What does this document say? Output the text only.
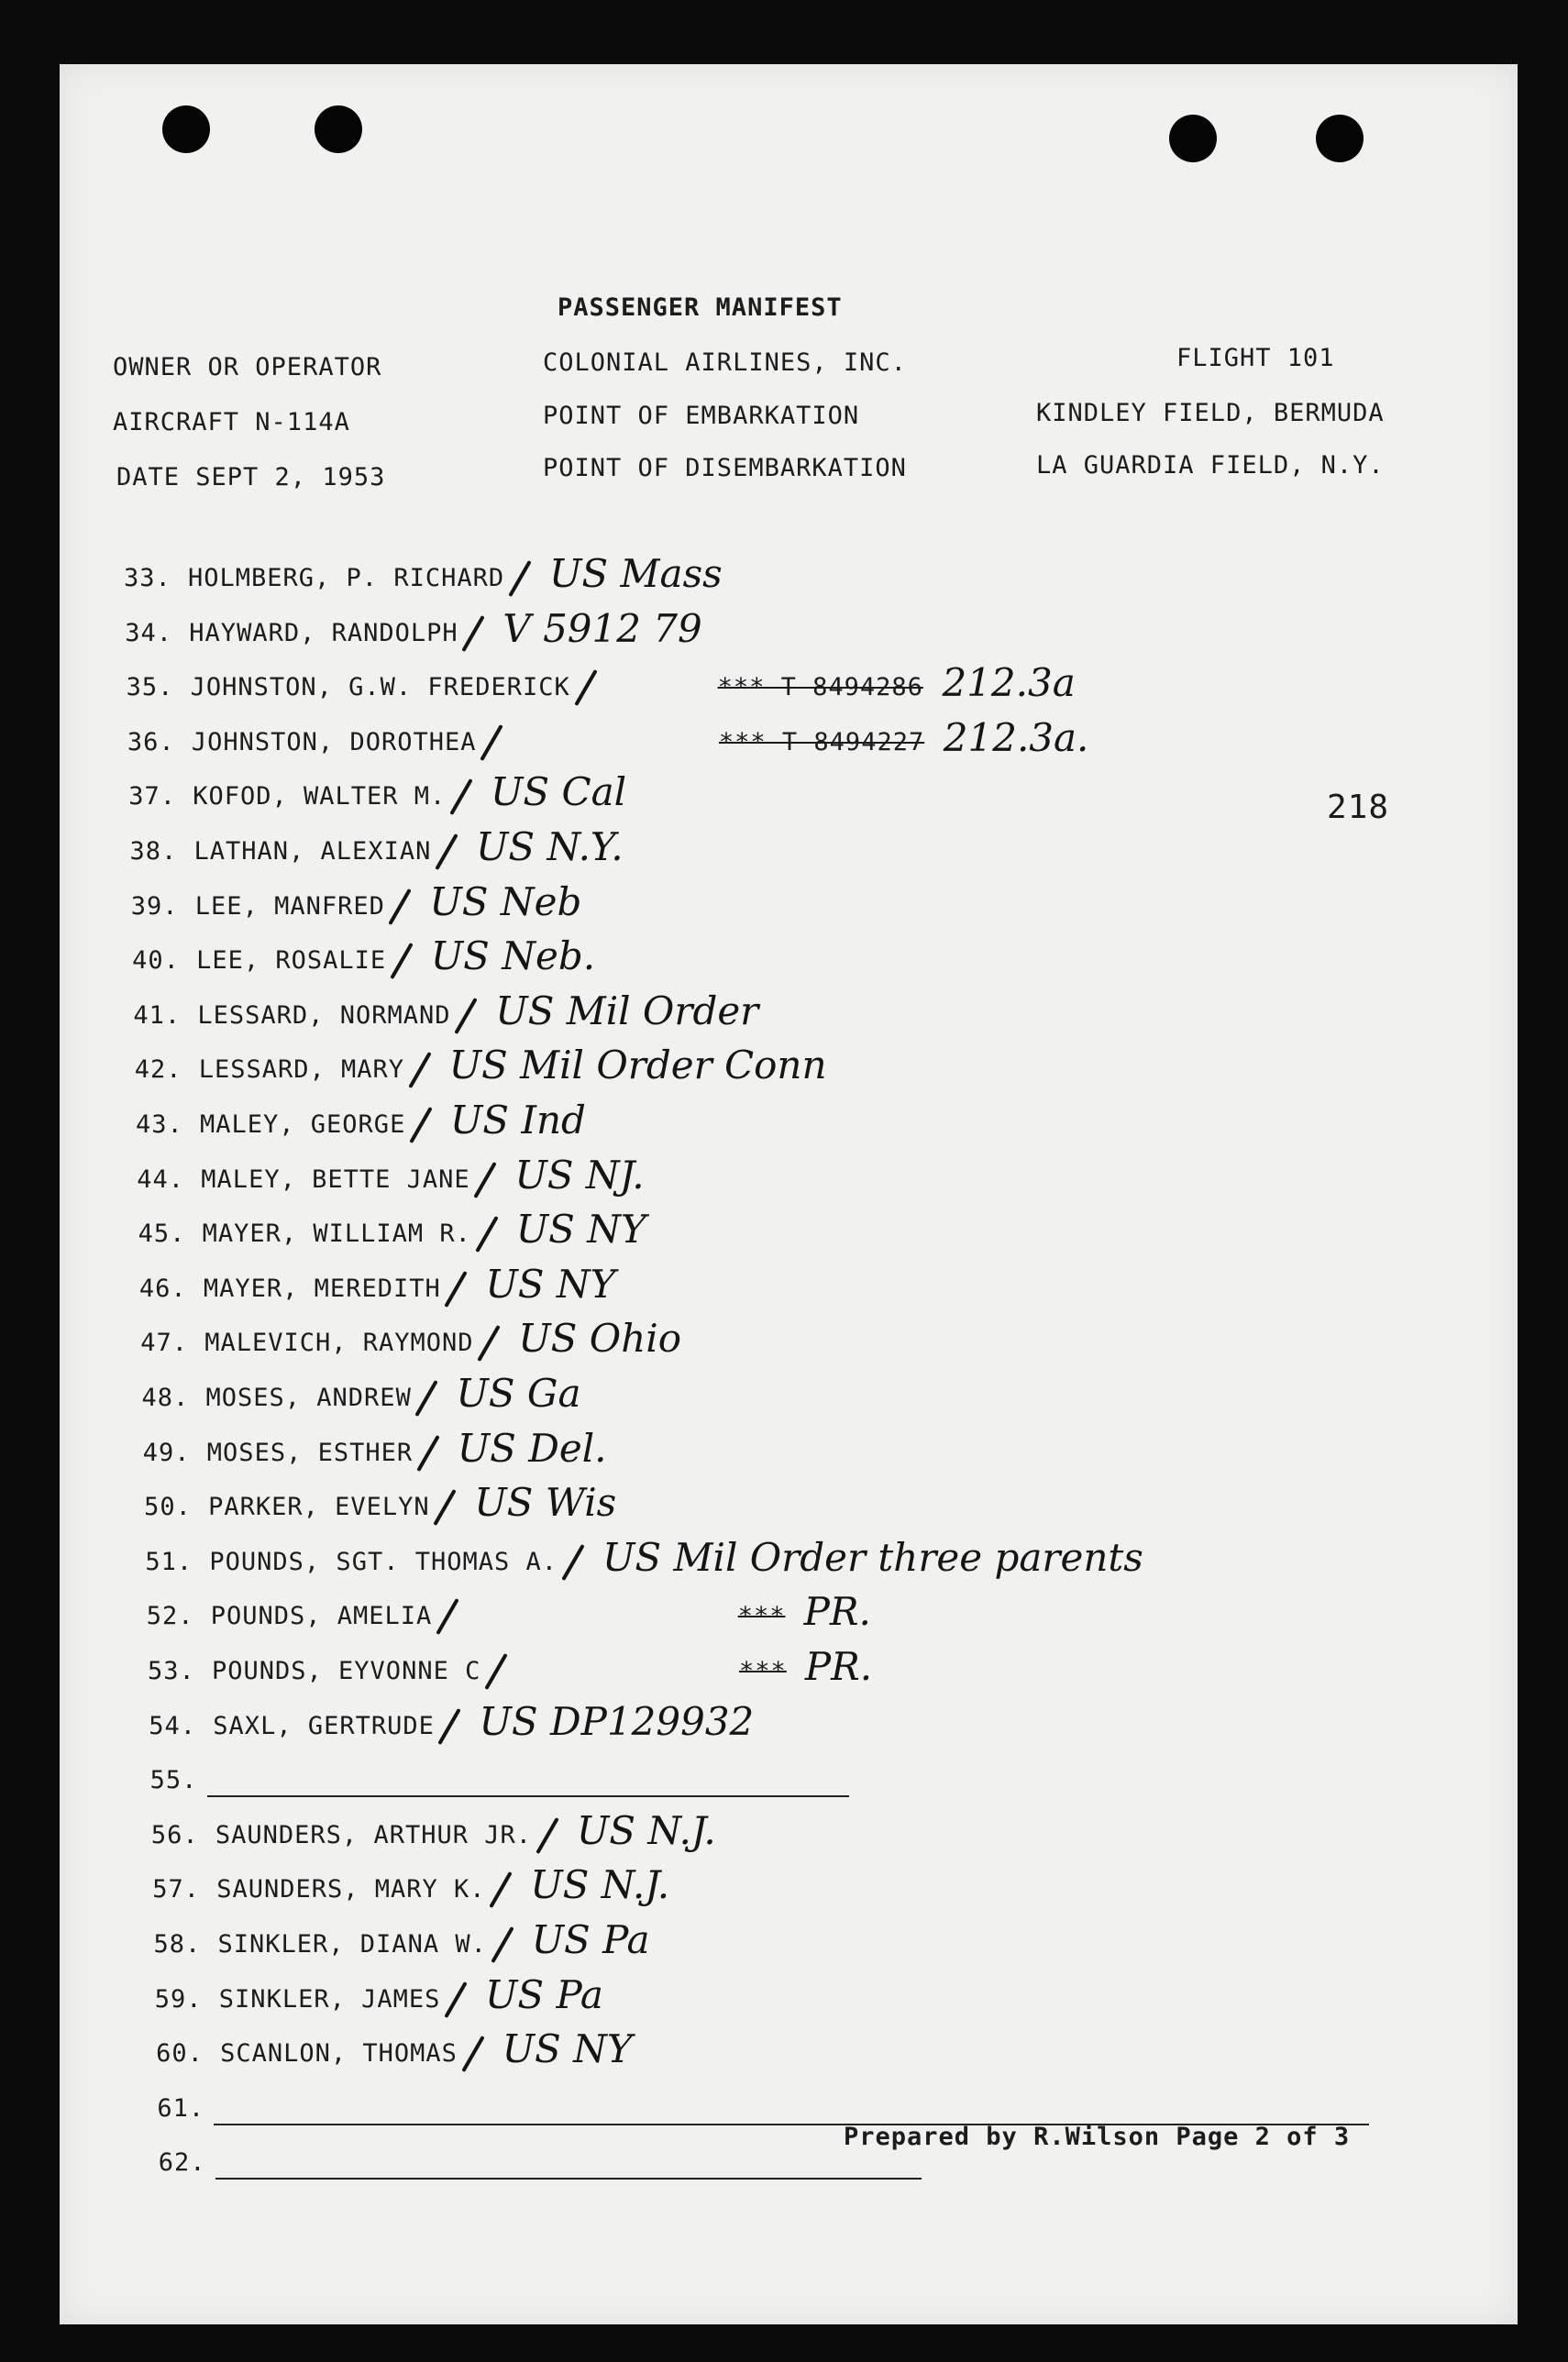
PASSENGER MANIFEST
OWNER OR OPERATOR	COLONIAL AIRLINES, INC.	FLIGHT 101
AIRCRAFT N-114A	POINT OF EMBARKATION	KINDLEY FIELD, BERMUDA
DATE SEPT 2, 1953	POINT OF DISEMBARKATION	LA GUARDIA FIELD, N.Y.
218
33. HOLMBERG, P. RICHARD US Mass
34. HAYWARD, RANDOLPH V 5912 79
35. JOHNSTON, G.W. FREDERICK	*** T 8494286 212.3a
36. JOHNSTON, DOROTHEA	*** T 8494227 212.3a.
37. KOFOD, WALTER M. US Cal
38. LATHAN, ALEXIAN US N.Y.
39. LEE, MANFRED US Neb
40. LEE, ROSALIE US Neb.
41. LESSARD, NORMAND US Mil Order
42. LESSARD, MARY US Mil Order Conn
43. MALEY, GEORGE US Ind
44. MALEY, BETTE JANE US NJ.
45. MAYER, WILLIAM R. US NY
46. MAYER, MEREDITH US NY
47. MALEVICH, RAYMOND US Ohio
48. MOSES, ANDREW US Ga
49. MOSES, ESTHER US Del.
50. PARKER, EVELYN US Wis
51. POUNDS, SGT. THOMAS A. US Mil Order three parents
52. POUNDS, AMELIA	*** PR.
53. POUNDS, EYVONNE C	*** PR.
54. SAXL, GERTRUDE US DP129932
55.
56. SAUNDERS, ARTHUR JR. US N.J.
57. SAUNDERS, MARY K. US N.J.
58. SINKLER, DIANA W. US Pa
59. SINKLER, JAMES US Pa
60. SCANLON, THOMAS US NY
61.
62.
Prepared by R.Wilson Page 2 of 3
